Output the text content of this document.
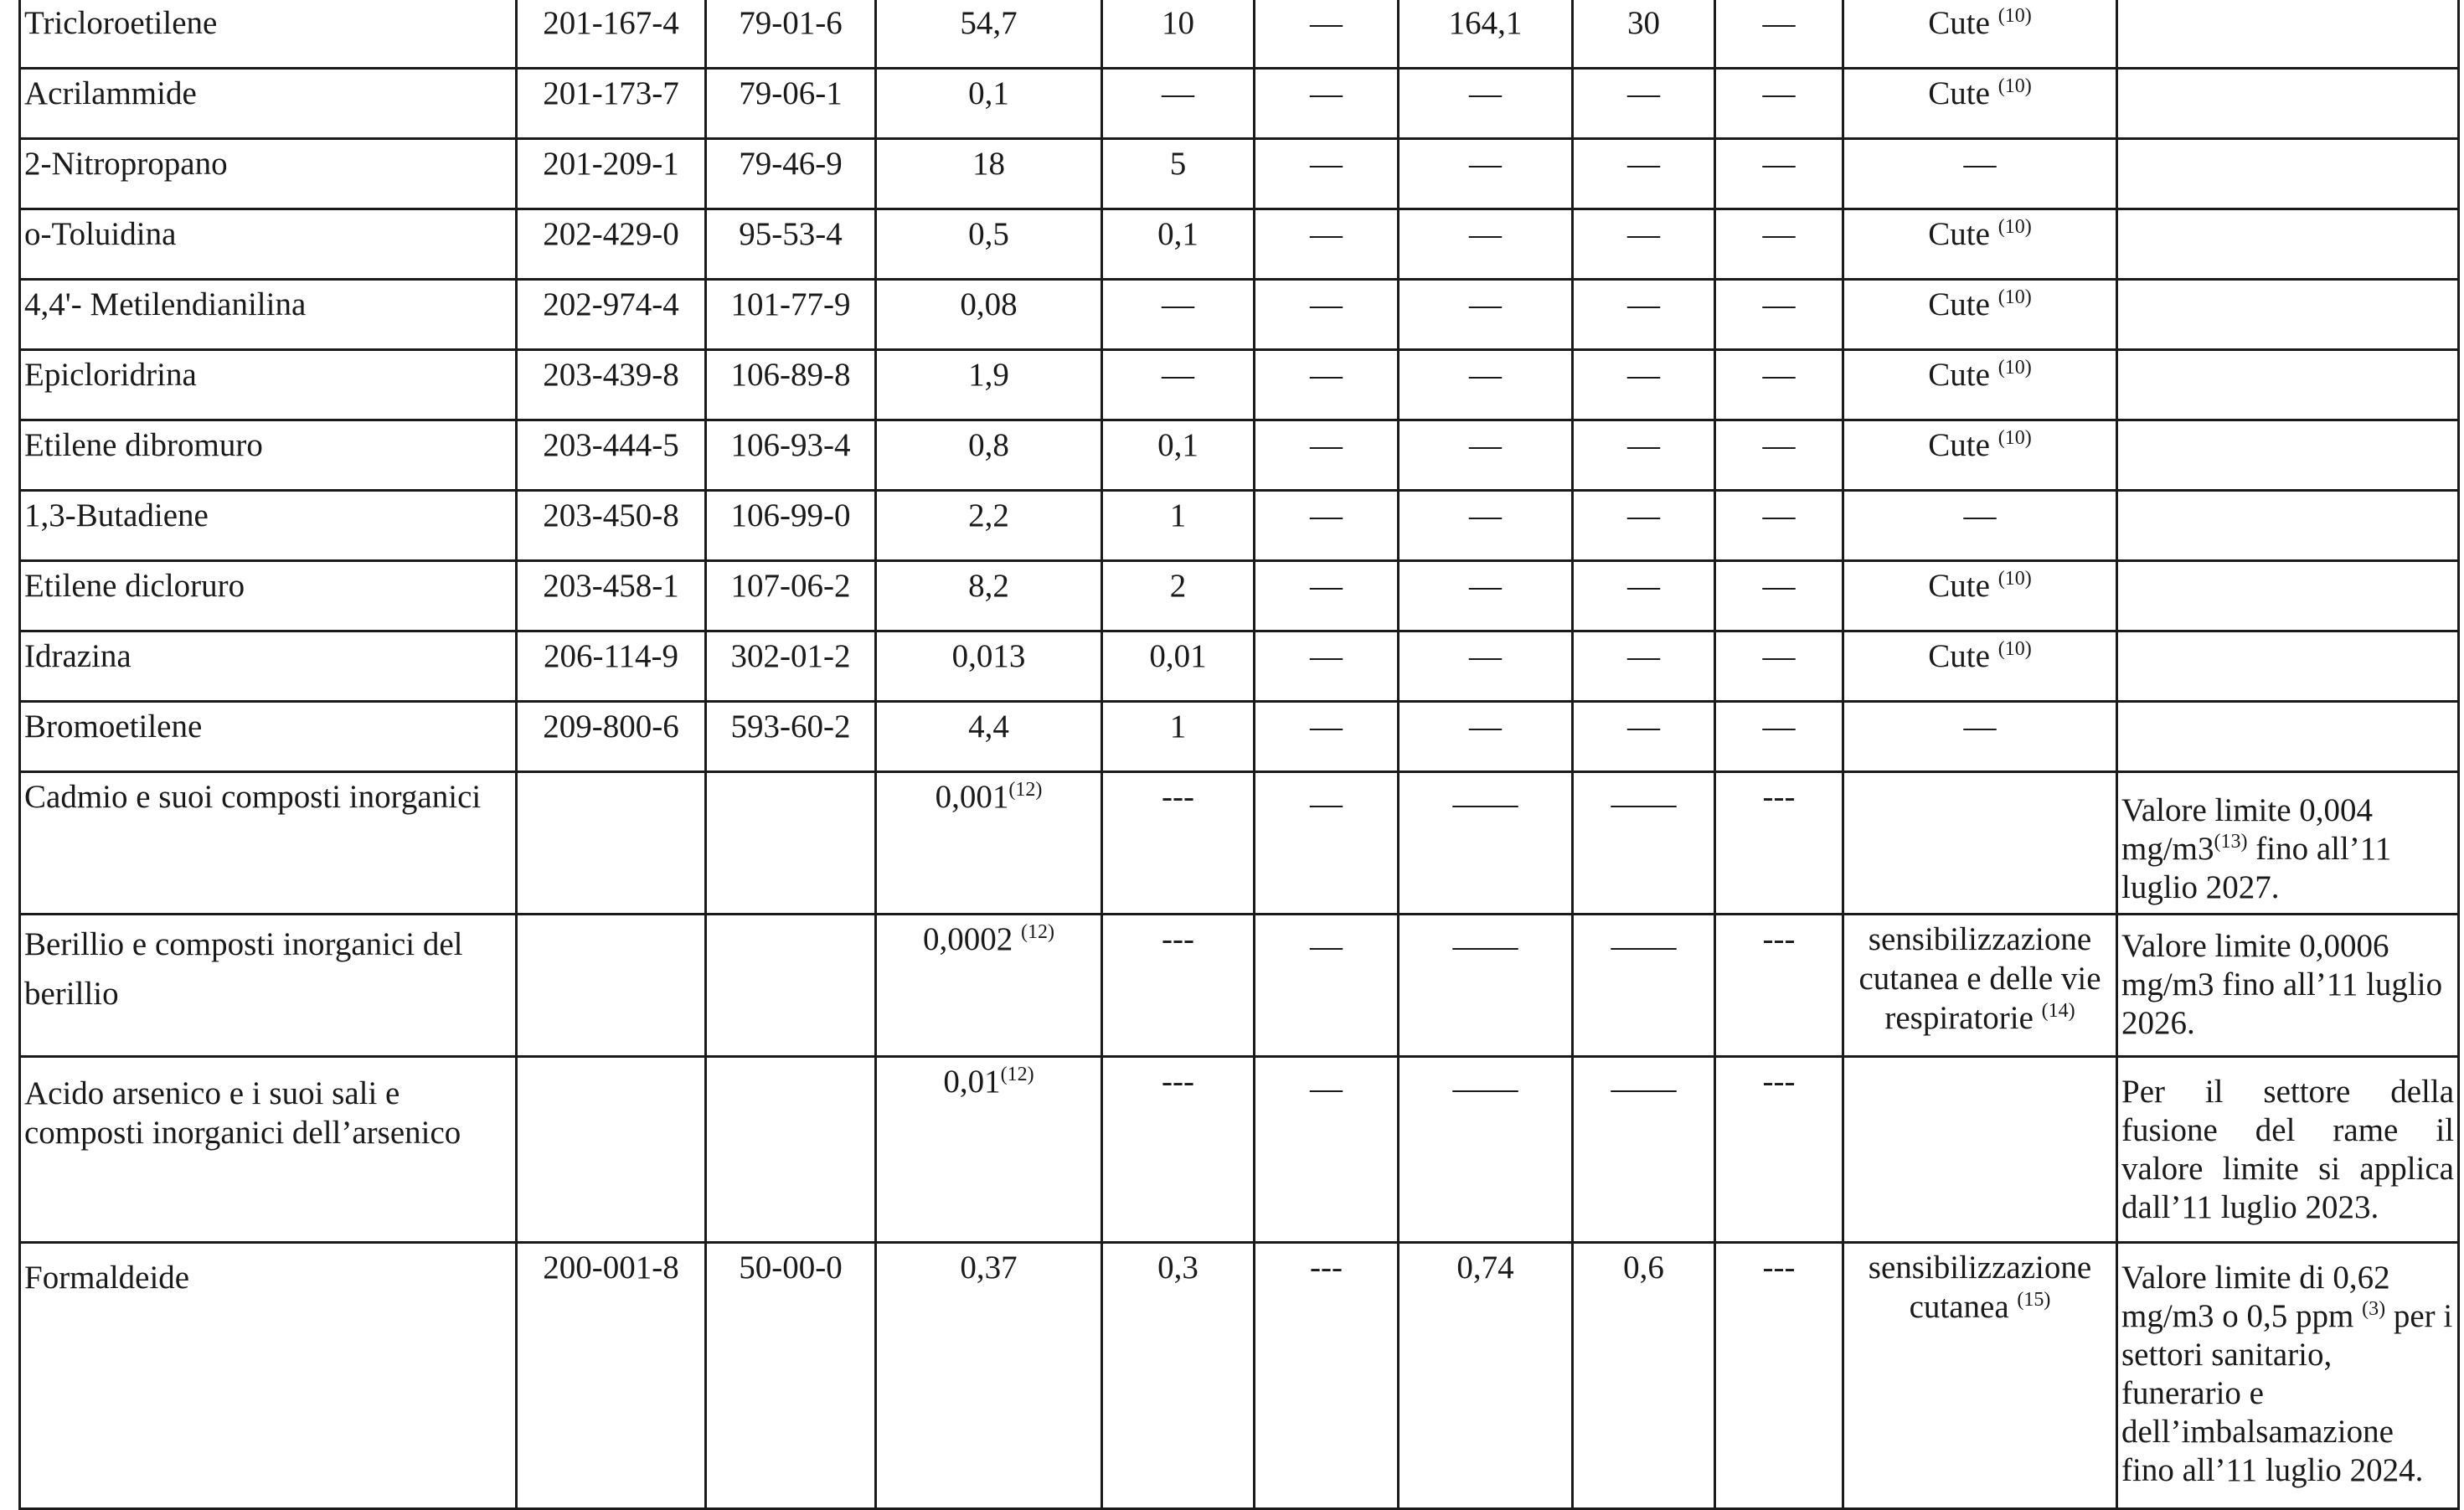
Tricloroetilene	201-167-4	79-01-6	54,7	10	—	164,1	30	—	Cute $^{(10)}$	
Acrilammide	201-173-7	79-06-1	0,1	—	—	—	—	—	Cute $^{(10)}$	
2-Nitropropano	201-209-1	79-46-9	18	5	—	—	—	—	—	
o-Toluidina	202-429-0	95-53-4	0,5	0,1	—	—	—	—	Cute $^{(10)}$	
4,4'- Metilendianilina	202-974-4	101-77-9	0,08	—	—	—	—	—	Cute $^{(10)}$	
Epicloridrina	203-439-8	106-89-8	1,9	—	—	—	—	—	Cute $^{(10)}$	
Etilene dibromuro	203-444-5	106-93-4	0,8	0,1	—	—	—	—	Cute $^{(10)}$	
1,3-Butadiene	203-450-8	106-99-0	2,2	1	—	—	—	—	—	
Etilene dicloruro	203-458-1	107-06-2	8,2	2	—	—	—	—	Cute $^{(10)}$	
Idrazina	206-114-9	302-01-2	0,013	0,01	—	—	—	—	Cute $^{(10)}$	
Bromoetilene	209-800-6	593-60-2	4,4	1	—	—	—	—	—	
Cadmio e suoi composti inorganici			0,001$^{(12)}$	---	—	——	——	---		Valore limite 0,004 mg/m3$^{(13)}$ fino all’11 luglio 2027.
Berillio e composti inorganici del berillio			0,0002 $^{(12)}$	---	—	——	——	---	sensibilizzazione cutanea e delle vie respiratorie $^{(14)}$	Valore limite 0,0006 mg/m3 fino all’11 luglio 2026.
Acido arsenico e i suoi sali e composti inorganici dell’arsenico			0,01$^{(12)}$	---	—	——	——	---		Per il settore della fusione del rame il valore limite si applica dall’11 luglio 2023.
Formaldeide	200-001-8	50-00-0	0,37	0,3	---	0,74	0,6	---	sensibilizzazione cutanea $^{(15)}$	Valore limite di 0,62 mg/m3 o 0,5 ppm $^{(3)}$ per i settori sanitario, funerario e dell’imbalsamazione fino all’11 luglio 2024.
